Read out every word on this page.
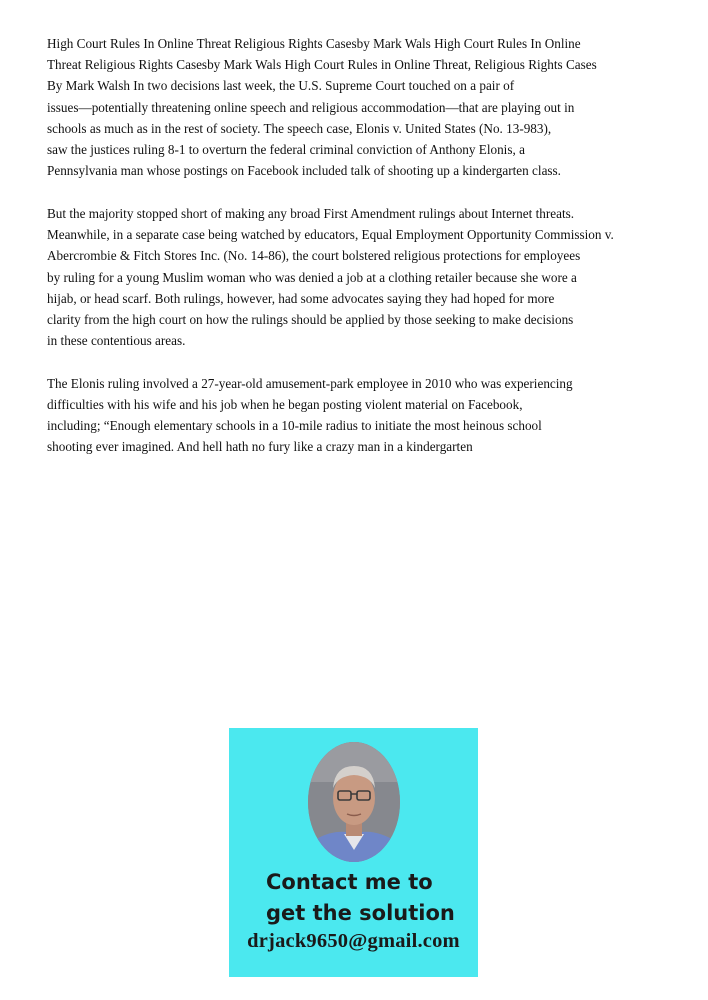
High Court Rules In Online Threat Religious Rights Casesby Mark Wals High Court Rules In Online
Threat Religious Rights Casesby Mark Wals High Court Rules in Online Threat, Religious Rights Cases
By Mark Walsh In two decisions last week, the U.S. Supreme Court touched on a pair of
issues—potentially threatening online speech and religious accommodation—that are playing out in
schools as much as in the rest of society. The speech case, Elonis v. United States (No. 13-983),
saw the justices ruling 8-1 to overturn the federal criminal conviction of Anthony Elonis, a
Pennsylvania man whose postings on Facebook included talk of shooting up a kindergarten class.

But the majority stopped short of making any broad First Amendment rulings about Internet threats.
Meanwhile, in a separate case being watched by educators, Equal Employment Opportunity Commission v.
Abercrombie & Fitch Stores Inc. (No. 14-86), the court bolstered religious protections for employees
by ruling for a young Muslim woman who was denied a job at a clothing retailer because she wore a
hijab, or head scarf. Both rulings, however, had some advocates saying they had hoped for more
clarity from the high court on how the rulings should be applied by those seeking to make decisions
in these contentious areas.

The Elonis ruling involved a 27-year-old amusement-park employee in 2010 who was experiencing
difficulties with his wife and his job when he began posting violent material on Facebook,
including; “Enough elementary schools in a 10-mile radius to initiate the most heinous school
shooting ever imagined. And hell hath no fury like a crazy man in a kindergarten

Contact me to
get the solution
drjack9650@gmail.com
